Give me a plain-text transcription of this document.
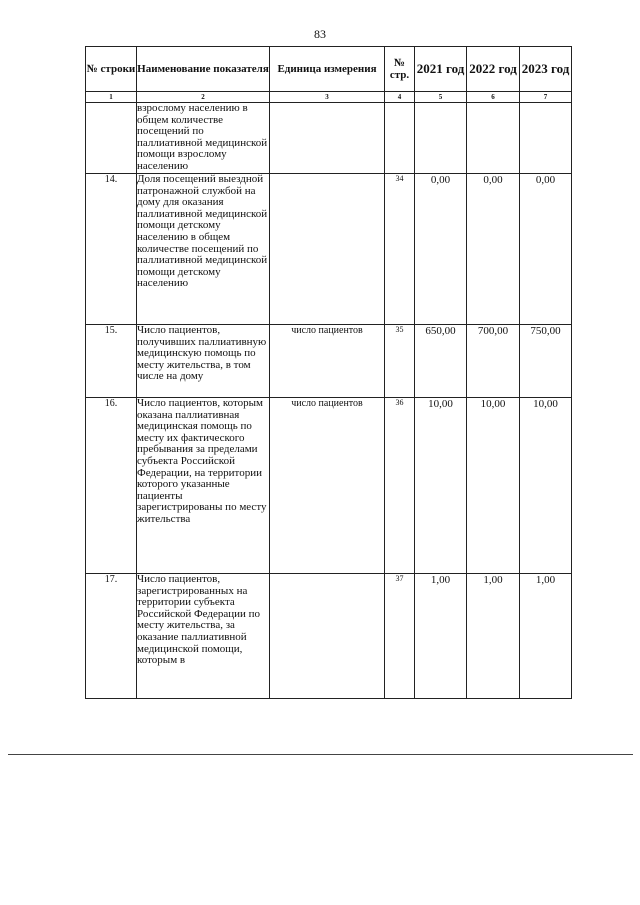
83
№ строки	Наименование показателя	Единица измерения	№ стр.	2021 год	2022 год	2023 год
1	2	3	4	5	6	7
	взрослому населению в общем количестве посещений по паллиативной медицинской помощи взрослому населению					
14.	Доля посещений выездной патронажной службой на дому для оказания паллиативной медицинской помощи детскому населению в общем количестве посещений по паллиативной медицинской помощи детскому населению		34	0,00	0,00	0,00
15.	Число пациентов, получивших паллиативную медицинскую помощь по месту жительства, в том числе на дому	число пациентов	35	650,00	700,00	750,00
16.	Число пациентов, которым оказана паллиативная медицинская помощь по месту их фактического пребывания за пределами субъекта Российской Федерации, на территории которого указанные пациенты зарегистрированы по месту жительства	число пациентов	36	10,00	10,00	10,00
17.	Число пациентов, зарегистрированных на территории субъекта Российской Федерации по месту жительства, за оказание паллиативной медицинской помощи, которым в		37	1,00	1,00	1,00
